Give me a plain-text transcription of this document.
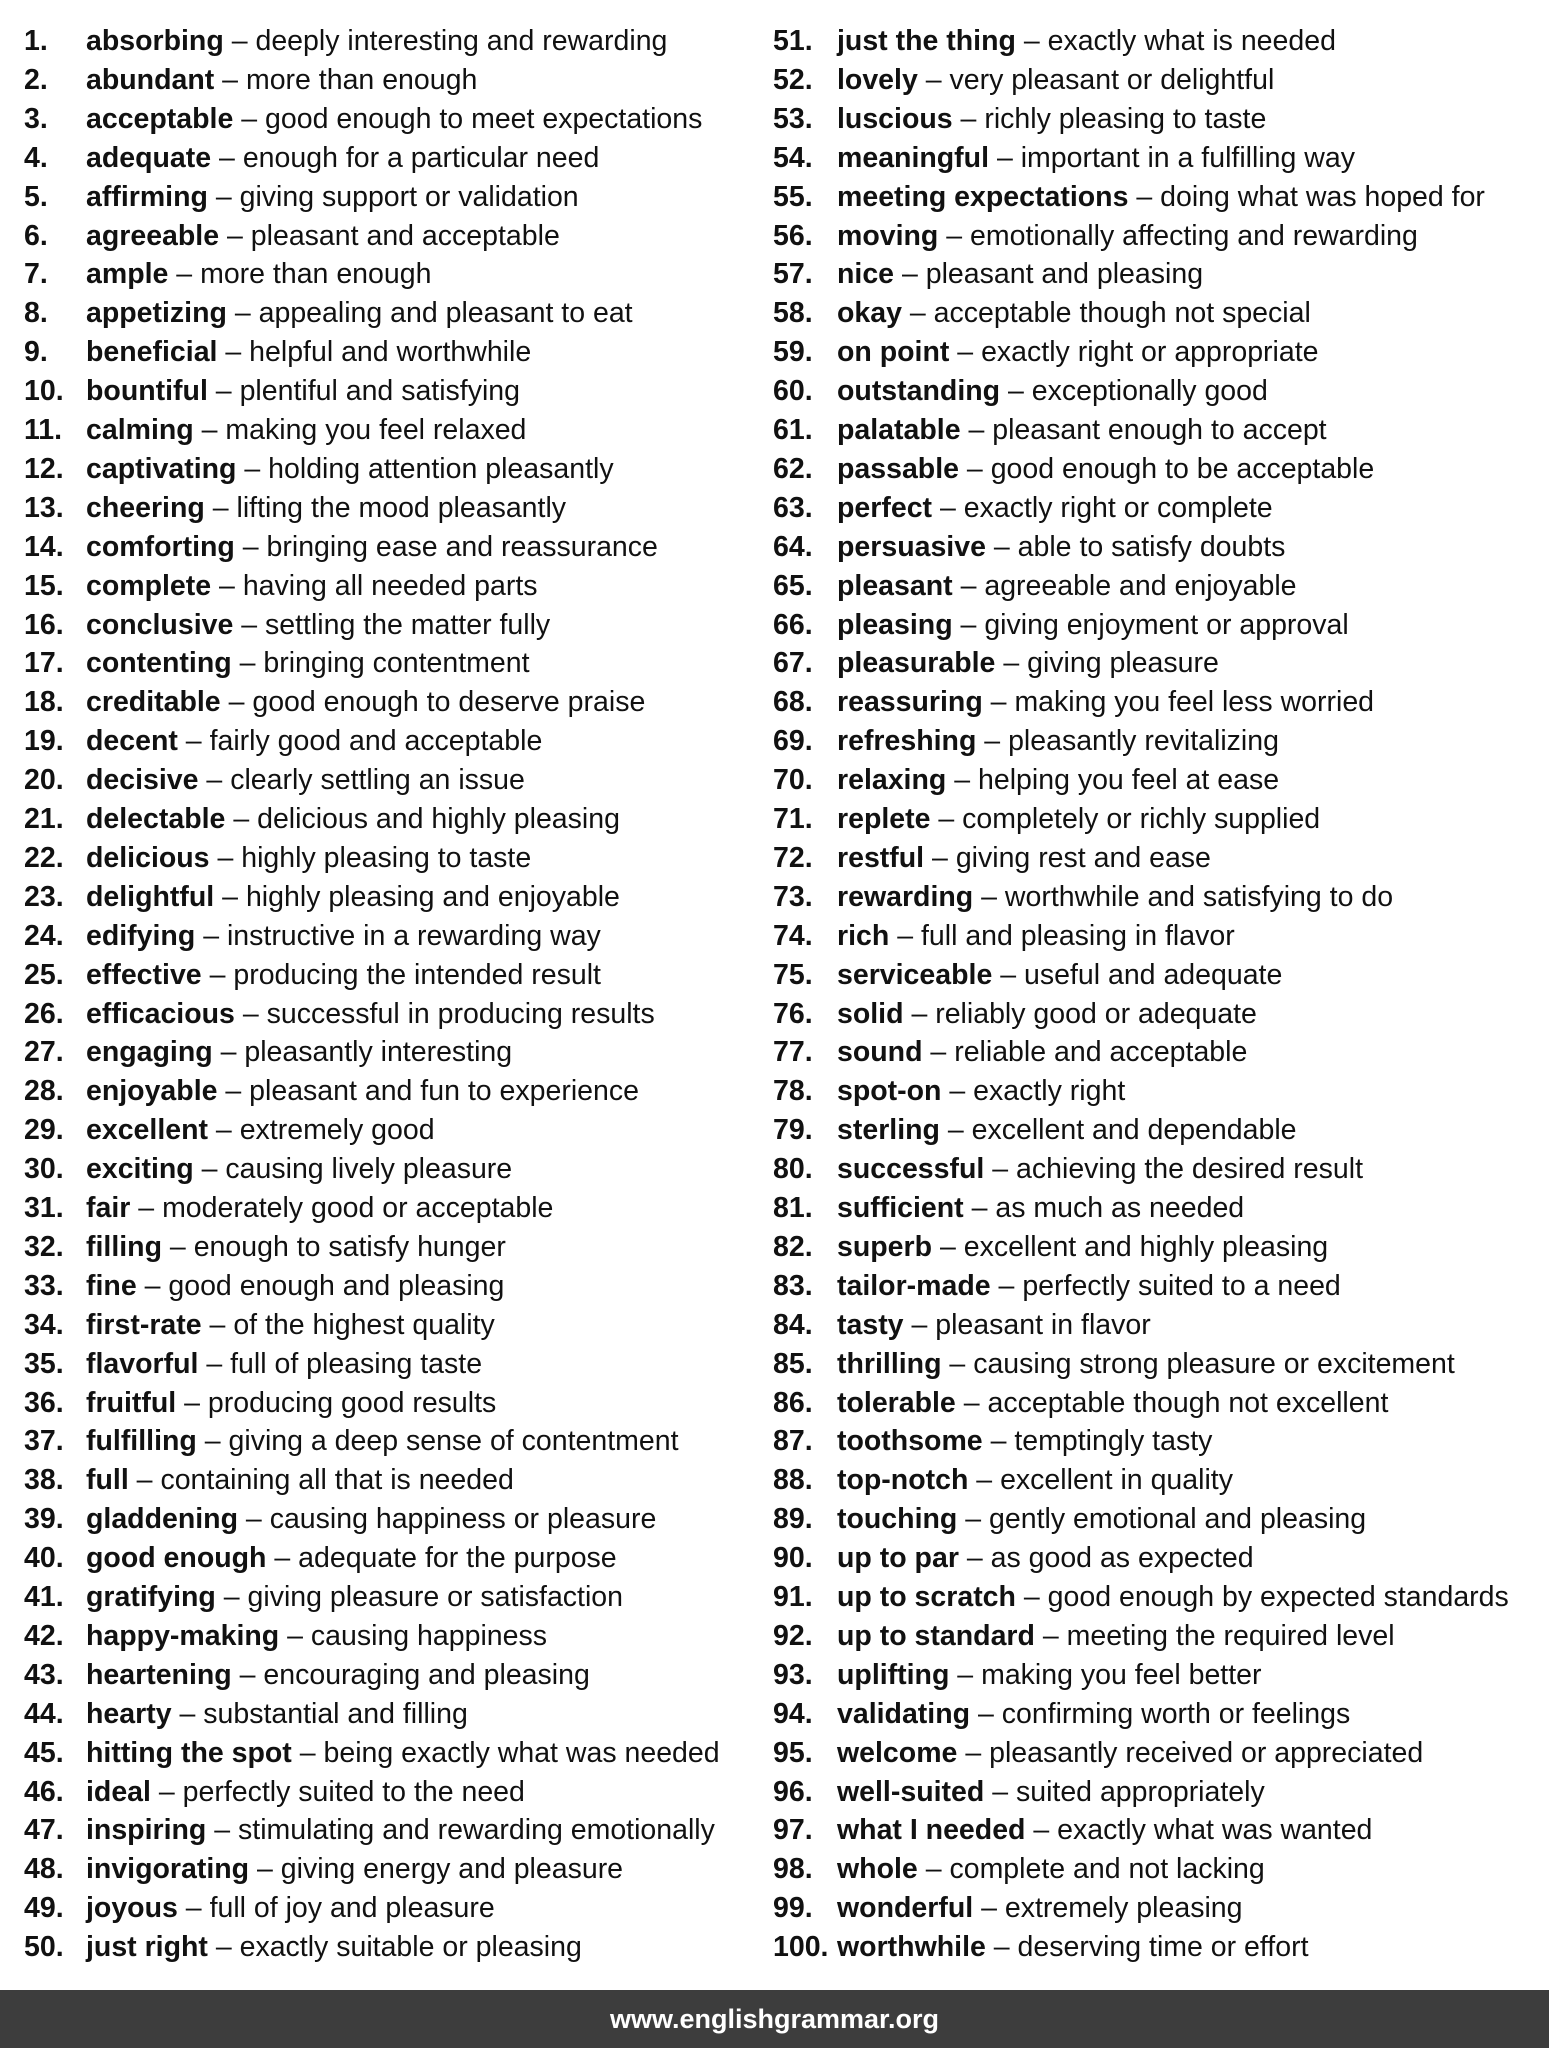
1. absorbing – deeply interesting and rewarding
2. abundant – more than enough
3. acceptable – good enough to meet expectations
4. adequate – enough for a particular need
5. affirming – giving support or validation
6. agreeable – pleasant and acceptable
7. ample – more than enough
8. appetizing – appealing and pleasant to eat
9. beneficial – helpful and worthwhile
10. bountiful – plentiful and satisfying
11. calming – making you feel relaxed
12. captivating – holding attention pleasantly
13. cheering – lifting the mood pleasantly
14. comforting – bringing ease and reassurance
15. complete – having all needed parts
16. conclusive – settling the matter fully
17. contenting – bringing contentment
18. creditable – good enough to deserve praise
19. decent – fairly good and acceptable
20. decisive – clearly settling an issue
21. delectable – delicious and highly pleasing
22. delicious – highly pleasing to taste
23. delightful – highly pleasing and enjoyable
24. edifying – instructive in a rewarding way
25. effective – producing the intended result
26. efficacious – successful in producing results
27. engaging – pleasantly interesting
28. enjoyable – pleasant and fun to experience
29. excellent – extremely good
30. exciting – causing lively pleasure
31. fair – moderately good or acceptable
32. filling – enough to satisfy hunger
33. fine – good enough and pleasing
34. first-rate – of the highest quality
35. flavorful – full of pleasing taste
36. fruitful – producing good results
37. fulfilling – giving a deep sense of contentment
38. full – containing all that is needed
39. gladdening – causing happiness or pleasure
40. good enough – adequate for the purpose
41. gratifying – giving pleasure or satisfaction
42. happy-making – causing happiness
43. heartening – encouraging and pleasing
44. hearty – substantial and filling
45. hitting the spot – being exactly what was needed
46. ideal – perfectly suited to the need
47. inspiring – stimulating and rewarding emotionally
48. invigorating – giving energy and pleasure
49. joyous – full of joy and pleasure
50. just right – exactly suitable or pleasing
51. just the thing – exactly what is needed
52. lovely – very pleasant or delightful
53. luscious – richly pleasing to taste
54. meaningful – important in a fulfilling way
55. meeting expectations – doing what was hoped for
56. moving – emotionally affecting and rewarding
57. nice – pleasant and pleasing
58. okay – acceptable though not special
59. on point – exactly right or appropriate
60. outstanding – exceptionally good
61. palatable – pleasant enough to accept
62. passable – good enough to be acceptable
63. perfect – exactly right or complete
64. persuasive – able to satisfy doubts
65. pleasant – agreeable and enjoyable
66. pleasing – giving enjoyment or approval
67. pleasurable – giving pleasure
68. reassuring – making you feel less worried
69. refreshing – pleasantly revitalizing
70. relaxing – helping you feel at ease
71. replete – completely or richly supplied
72. restful – giving rest and ease
73. rewarding – worthwhile and satisfying to do
74. rich – full and pleasing in flavor
75. serviceable – useful and adequate
76. solid – reliably good or adequate
77. sound – reliable and acceptable
78. spot-on – exactly right
79. sterling – excellent and dependable
80. successful – achieving the desired result
81. sufficient – as much as needed
82. superb – excellent and highly pleasing
83. tailor-made – perfectly suited to a need
84. tasty – pleasant in flavor
85. thrilling – causing strong pleasure or excitement
86. tolerable – acceptable though not excellent
87. toothsome – temptingly tasty
88. top-notch – excellent in quality
89. touching – gently emotional and pleasing
90. up to par – as good as expected
91. up to scratch – good enough by expected standards
92. up to standard – meeting the required level
93. uplifting – making you feel better
94. validating – confirming worth or feelings
95. welcome – pleasantly received or appreciated
96. well-suited – suited appropriately
97. what I needed – exactly what was wanted
98. whole – complete and not lacking
99. wonderful – extremely pleasing
100. worthwhile – deserving time or effort
www.englishgrammar.org
